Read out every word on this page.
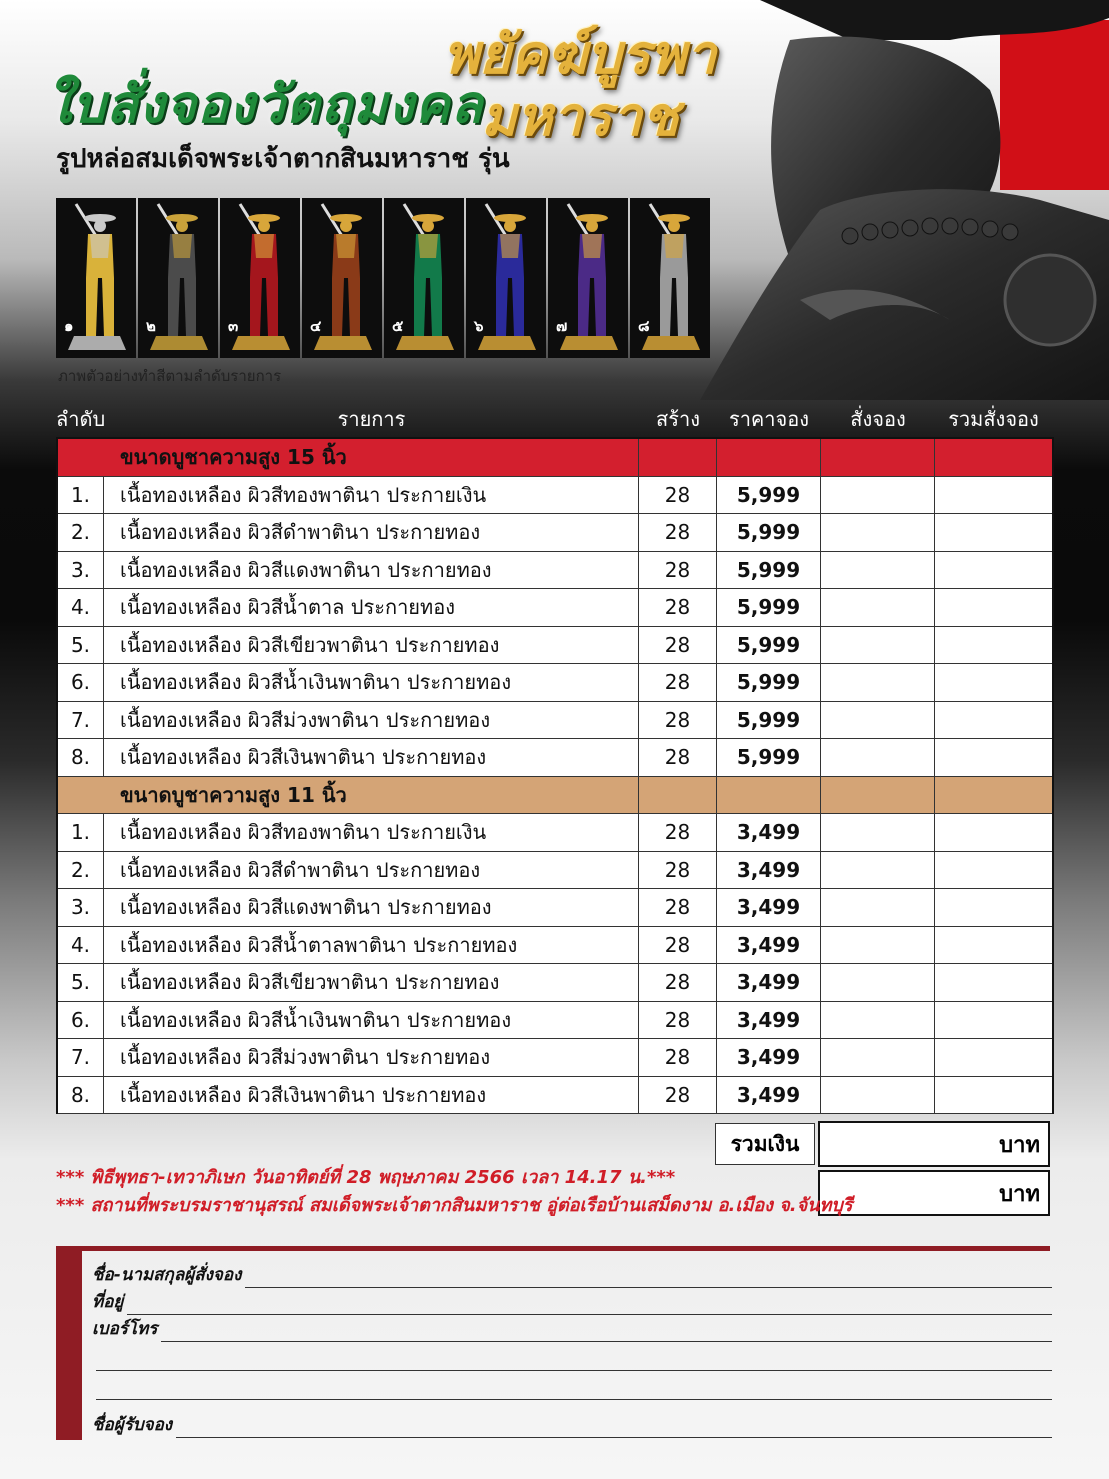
ใบสั่งจองวัตถุมงคล
รูปหล่อสมเด็จพระเจ้าตากสินมหาราช รุ่น
พยัคฆ์บูรพา
มหาราช
๑	๒	๓	๔	๕	๖	๗	๘
ภาพตัวอย่างทำสีตามลำดับรายการ
ลำดับ	รายการ	สร้าง	ราคาจอง	สั่งจอง	รวมสั่งจอง
ขนาดบูชาความสูง 15 นิ้ว
1.	เนื้อทองเหลือง ผิวสีทองพาตินา ประกายเงิน	28	5,999
2.	เนื้อทองเหลือง ผิวสีดำพาตินา ประกายทอง	28	5,999
3.	เนื้อทองเหลือง ผิวสีแดงพาตินา ประกายทอง	28	5,999
4.	เนื้อทองเหลือง ผิวสีน้ำตาล ประกายทอง	28	5,999
5.	เนื้อทองเหลือง ผิวสีเขียวพาตินา ประกายทอง	28	5,999
6.	เนื้อทองเหลือง ผิวสีน้ำเงินพาตินา ประกายทอง	28	5,999
7.	เนื้อทองเหลือง ผิวสีม่วงพาตินา ประกายทอง	28	5,999
8.	เนื้อทองเหลือง ผิวสีเงินพาตินา ประกายทอง	28	5,999
ขนาดบูชาความสูง 11 นิ้ว
1.	เนื้อทองเหลือง ผิวสีทองพาตินา ประกายเงิน	28	3,499
2.	เนื้อทองเหลือง ผิวสีดำพาตินา ประกายทอง	28	3,499
3.	เนื้อทองเหลือง ผิวสีแดงพาตินา ประกายทอง	28	3,499
4.	เนื้อทองเหลือง ผิวสีน้ำตาลพาตินา ประกายทอง	28	3,499
5.	เนื้อทองเหลือง ผิวสีเขียวพาตินา ประกายทอง	28	3,499
6.	เนื้อทองเหลือง ผิวสีน้ำเงินพาตินา ประกายทอง	28	3,499
7.	เนื้อทองเหลือง ผิวสีม่วงพาตินา ประกายทอง	28	3,499
8.	เนื้อทองเหลือง ผิวสีเงินพาตินา ประกายทอง	28	3,499
รวมเงิน	บาท
บาท
*** พิธีพุทธา-เทวาภิเษก วันอาทิตย์ที่ 28 พฤษภาคม 2566 เวลา 14.17 น.***
*** สถานที่พระบรมราชานุสรณ์ สมเด็จพระเจ้าตากสินมหาราช อู่ต่อเรือบ้านเสม็ดงาม อ.เมือง จ.จันทบุรี
ชื่อ-นามสกุลผู้สั่งจอง
ที่อยู่
เบอร์โทร
ชื่อผู้รับจอง
